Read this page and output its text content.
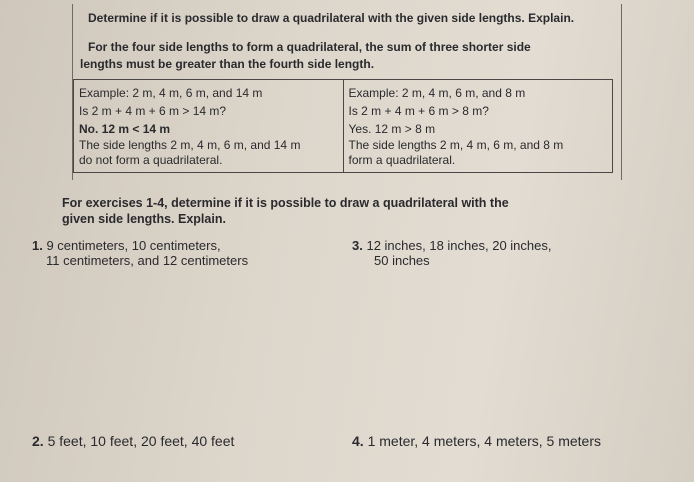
Determine if it is possible to draw a quadrilateral with the given side lengths. Explain.
For the four side lengths to form a quadrilateral, the sum of three shorter side
lengths must be greater than the fourth side length.
Example: 2 m, 4 m, 6 m, and 14 m
Is 2 m + 4 m + 6 m > 14 m?
No. 12 m < 14 m
The side lengths 2 m, 4 m, 6 m, and 14 m
do not form a quadrilateral.

Example: 2 m, 4 m, 6 m, and 8 m
Is 2 m + 4 m + 6 m > 8 m?
Yes. 12 m > 8 m
The side lengths 2 m, 4 m, 6 m, and 8 m
form a quadrilateral.
For exercises 1-4, determine if it is possible to draw a quadrilateral with the
given side lengths. Explain.
1. 9 centimeters, 10 centimeters,
11 centimeters, and 12 centimeters
3. 12 inches, 18 inches, 20 inches,
50 inches
2. 5 feet, 10 feet, 20 feet, 40 feet	4. 1 meter, 4 meters, 4 meters, 5 meters
